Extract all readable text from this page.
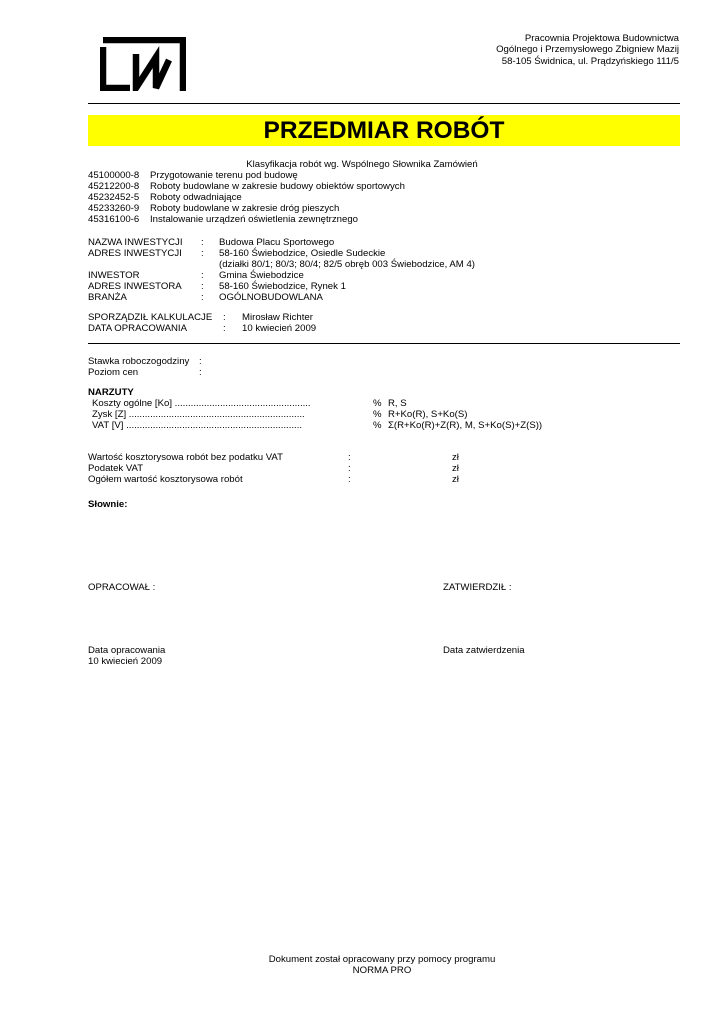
Pracownia Projektowa Budownictwa
Ogólnego i Przemysłowego Zbigniew Mazij
58-105 Świdnica, ul. Prądzyńskiego 111/5
PRZEDMIAR ROBÓT
Klasyfikacja robót wg. Wspólnego Słownika Zamówień
45100000-8 Przygotowanie terenu pod budowę
45212200-8 Roboty budowlane w zakresie budowy obiektów sportowych
45232452-5 Roboty odwadniające
45233260-9 Roboty budowlane w zakresie dróg pieszych
45316100-6 Instalowanie urządzeń oświetlenia zewnętrznego
NAZWA INWESTYCJI : Budowa Placu Sportowego
ADRES INWESTYCJI : 58-160 Świebodzice, Osiedle Sudeckie
(działki 80/1; 80/3; 80/4; 82/5 obręb 003 Świebodzice, AM 4)
INWESTOR	: Gmina Świebodzice
ADRES INWESTORA : 58-160 Świebodzice, Rynek 1
BRANŻA	: OGÓLNOBUDOWLANA
SPORZĄDZIŁ KALKULACJE : Mirosław Richter
DATA OPRACOWANIA	: 10 kwiecień 2009
Stawka roboczogodziny :
Poziom cen	:
NARZUTY
Koszty ogólne [Ko] ...................................................	% R, S
Zysk [Z] ..................................................................	% R+Ko(R), S+Ko(S)
VAT [V] ..................................................................	% Σ(R+Ko(R)+Z(R), M, S+Ko(S)+Z(S))
Wartość kosztorysowa robót bez podatku VAT	:	zł
Podatek VAT	:	zł
Ogółem wartość kosztorysowa robót	:	zł
Słownie:
OPRACOWAŁ :	ZATWIERDZIŁ :
Data opracowania
10 kwiecień 2009
Data zatwierdzenia
Dokument został opracowany przy pomocy programu
NORMA PRO
